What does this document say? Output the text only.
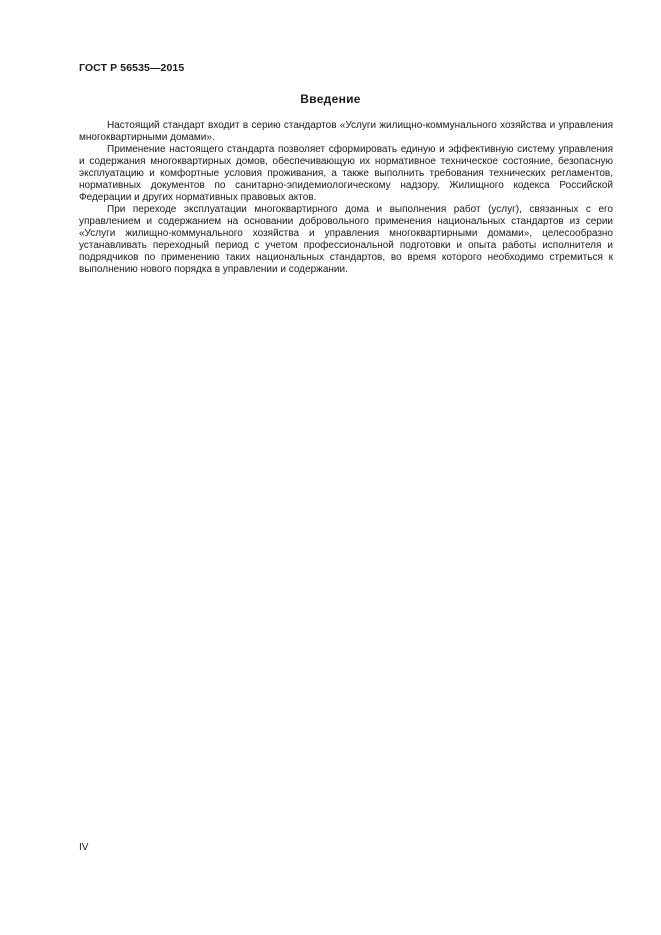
ГОСТ Р 56535—2015
Введение

Настоящий стандарт входит в серию стандартов «Услуги жилищно-коммунального хозяйства и управления многоквартирными домами».

Применение настоящего стандарта позволяет сформировать единую и эффективную систему управления и содержания многоквартирных домов, обеспечивающую их нормативное техническое состояние, безопасную эксплуатацию и комфортные условия проживания, а также выполнить требования технических регламентов, нормативных документов по санитарно-эпидемиологическому надзору, Жилищного кодекса Российской Федерации и других нормативных правовых актов.

При переходе эксплуатации многоквартирного дома и выполнения работ (услуг), связанных с его управлением и содержанием на основании добровольного применения национальных стандартов из серии «Услуги жилищно-коммунального хозяйства и управления многоквартирными домами», целесообразно устанавливать переходный период с учетом профессиональной подготовки и опыта работы исполнителя и подрядчиков по применению таких национальных стандартов, во время которого необходимо стремиться к выполнению нового порядка в управлении и содержании.

IV
